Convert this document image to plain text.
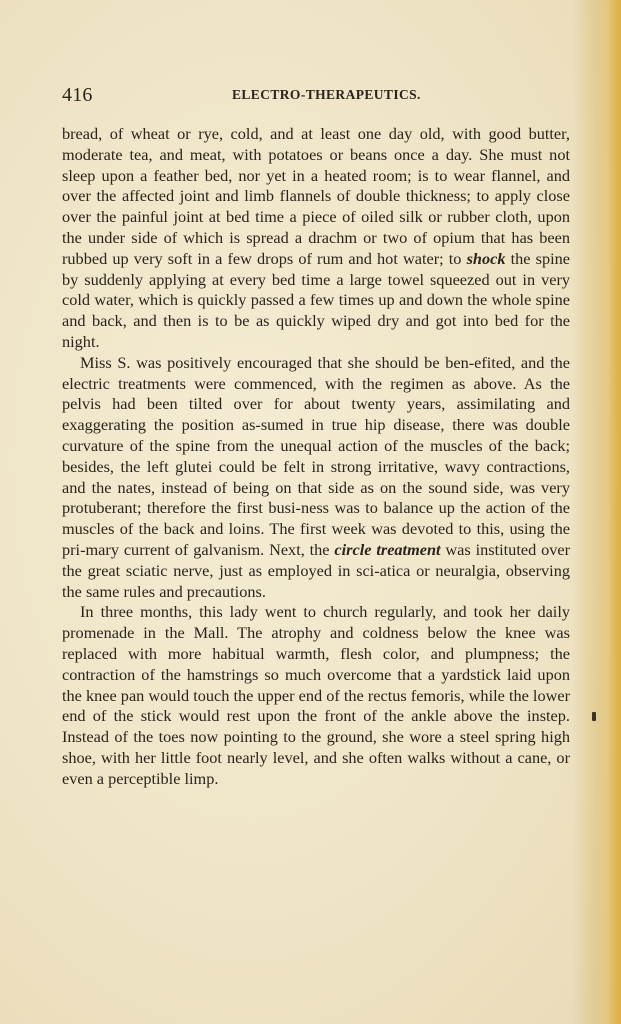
416	ELECTRO-THERAPEUTICS.

bread, of wheat or rye, cold, and at least one day old, with good butter, moderate tea, and meat, with potatoes or beans once a day. She must not sleep upon a feather bed, nor yet in a heated room; is to wear flannel, and over the affected joint and limb flannels of double thickness; to apply close over the painful joint at bed time a piece of oiled silk or rubber cloth, upon the under side of which is spread a drachm or two of opium that has been rubbed up very soft in a few drops of rum and hot water; to shock the spine by suddenly applying at every bed time a large towel squeezed out in very cold water, which is quickly passed a few times up and down the whole spine and back, and then is to be as quickly wiped dry and got into bed for the night.

Miss S. was positively encouraged that she should be ben-efited, and the electric treatments were commenced, with the regimen as above. As the pelvis had been tilted over for about twenty years, assimilating and exaggerating the position as-sumed in true hip disease, there was double curvature of the spine from the unequal action of the muscles of the back; besides, the left glutei could be felt in strong irritative, wavy contractions, and the nates, instead of being on that side as on the sound side, was very protuberant; therefore the first busi-ness was to balance up the action of the muscles of the back and loins. The first week was devoted to this, using the pri-mary current of galvanism. Next, the circle treatment was instituted over the great sciatic nerve, just as employed in sci-atica or neuralgia, observing the same rules and precautions.

In three months, this lady went to church regularly, and took her daily promenade in the Mall. The atrophy and coldness below the knee was replaced with more habitual warmth, flesh color, and plumpness; the contraction of the hamstrings so much overcome that a yardstick laid upon the knee pan would touch the upper end of the rectus femoris, while the lower end of the stick would rest upon the front of the ankle above the instep. Instead of the toes now pointing to the ground, she wore a steel spring high shoe, with her little foot nearly level, and she often walks without a cane, or even a perceptible limp.
